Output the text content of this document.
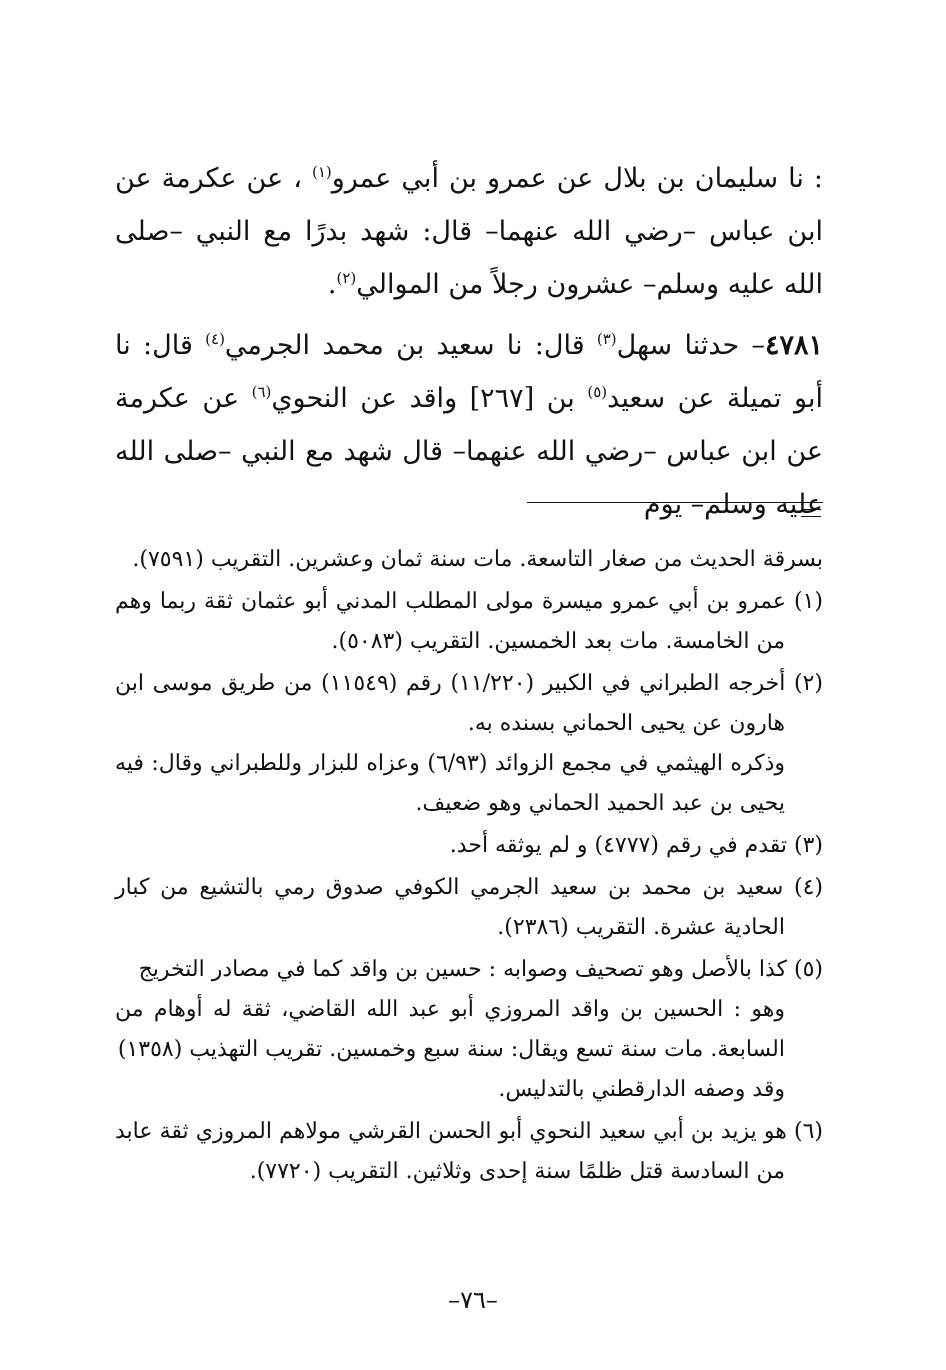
: نا سليمان بن بلال عن عمرو بن أبي عمرو$^{(١)}$ ، عن عكرمة عن ابن عباس –رضي الله عنهما– قال: شهد بدرًا مع النبي –صلى الله عليه وسلم– عشرون رجلاً من الموالي$^{(٢)}$.

٤٧٨١– حدثنا سهل$^{(٣)}$ قال: نا سعيد بن محمد الجرمي$^{(٤)}$ قال: نا أبو تميلة عن سعيد$^{(٥)}$ بن [٢٦٧] واقد عن النحوي$^{(٦)}$ عن عكرمة عن ابن عباس –رضي الله عنهما– قال شهد مع النبي –صلى الله عليه وسلم– يوم

بسرقة الحديث من صغار التاسعة. مات سنة ثمان وعشرين. التقريب (٧٥٩١).

(١) عمرو بن أبي عمرو ميسرة مولى المطلب المدني أبو عثمان ثقة ربما وهم من الخامسة. مات بعد الخمسين. التقريب (٥٠٨٣).

(٢) أخرجه الطبراني في الكبير (١١/٢٢٠) رقم (١١٥٤٩) من طريق موسى ابن هارون عن يحيى الحماني بسنده به.

وذكره الهيثمي في مجمع الزوائد (٦/٩٣) وعزاه للبزار وللطبراني وقال: فيه يحيى بن عبد الحميد الحماني وهو ضعيف.

(٣) تقدم في رقم (٤٧٧٧) و لم يوثقه أحد.

(٤) سعيد بن محمد بن سعيد الجرمي الكوفي صدوق رمي بالتشيع من كبار الحادية عشرة. التقريب (٢٣٨٦).

(٥) كذا بالأصل وهو تصحيف وصوابه : حسين بن واقد كما في مصادر التخريج

وهو : الحسين بن واقد المروزي أبو عبد الله القاضي، ثقة له أوهام من السابعة. مات سنة تسع ويقال: سنة سبع وخمسين. تقريب التهذيب (١٣٥٨)

وقد وصفه الدارقطني بالتدليس.

(٦) هو يزيد بن أبي سعيد النحوي أبو الحسن القرشي مولاهم المروزي ثقة عابد من السادسة قتل ظلمًا سنة إحدى وثلاثين. التقريب (٧٧٢٠).

–٧٦–
